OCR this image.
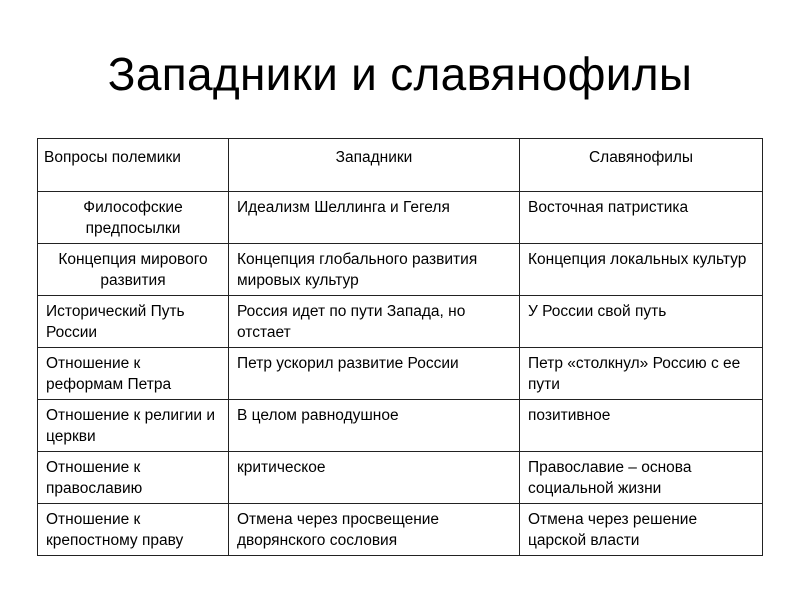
Западники и славянофилы
Вопросы полемики	Западники	Славянофилы
Философские предпосылки	Идеализм Шеллинга и Гегеля	Восточная патристика
Концепция мирового развития	Концепция глобального развития мировых культур	Концепция локальных культур
Исторический Путь России	Россия идет по пути Запада, но отстает	У России свой путь
Отношение к реформам Петра	Петр ускорил развитие России	Петр «столкнул» Россию с ее пути
Отношение к религии и церкви	В целом равнодушное	позитивное
Отношение к православию	критическое	Православие – основа социальной жизни
Отношение к крепостному праву	Отмена через просвещение дворянского сословия	Отмена через решение царской власти
